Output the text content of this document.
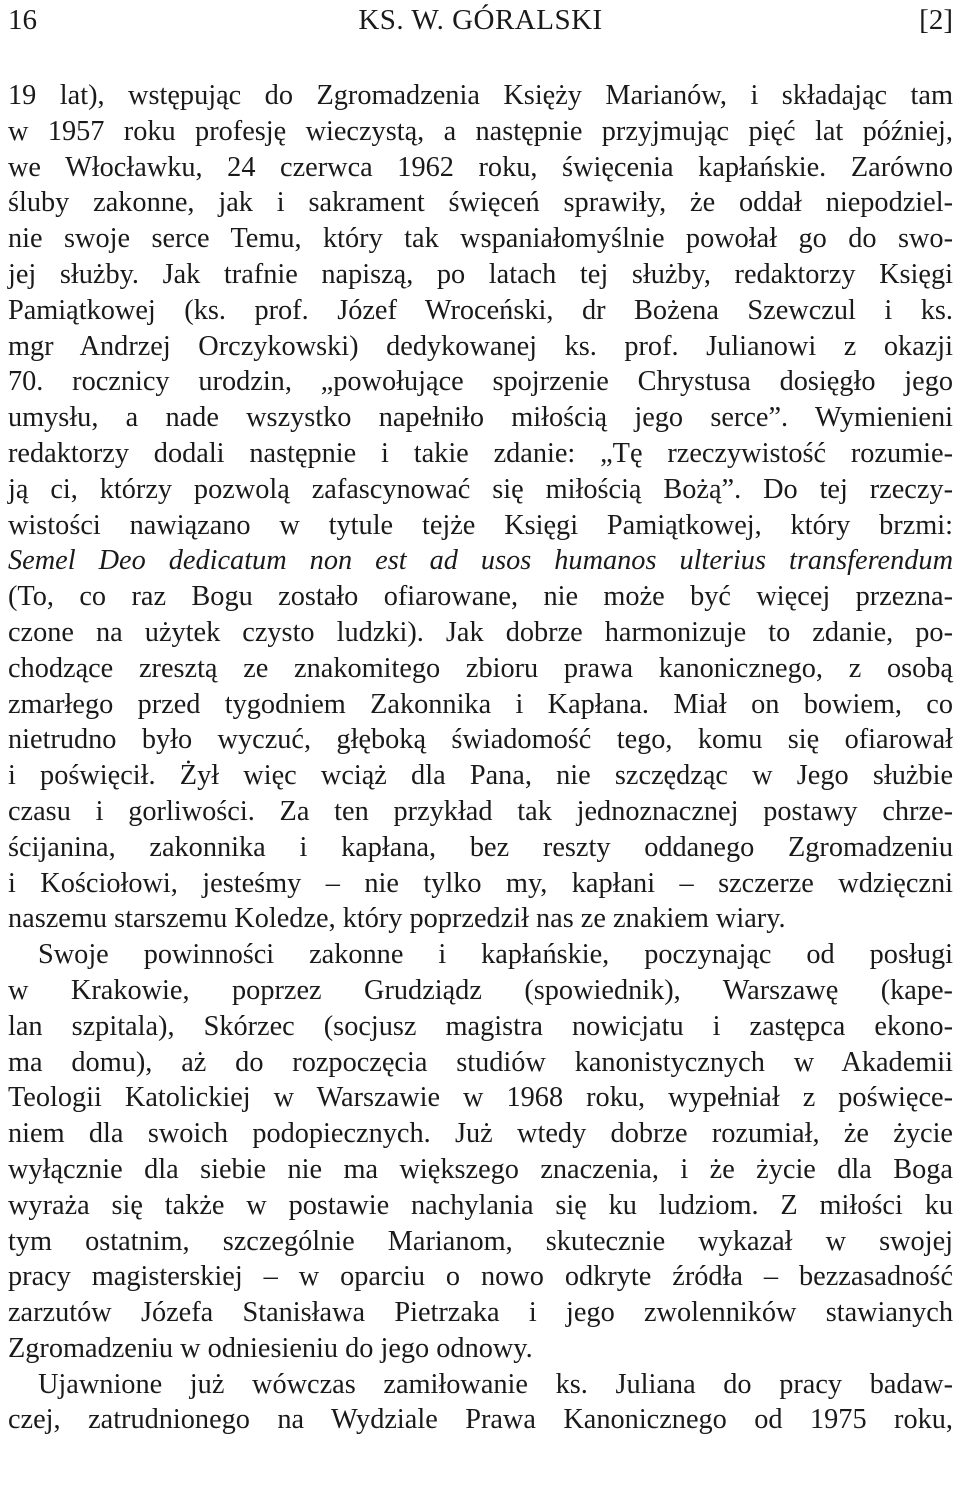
16	KS. W. GÓRALSKI	[2]
19 lat), wstępując do Zgromadzenia Księży Marianów, i składając tam
w 1957 roku profesję wieczystą, a następnie przyjmując pięć lat później,
we Włocławku, 24 czerwca 1962 roku, święcenia kapłańskie. Zarówno
śluby zakonne, jak i sakrament święceń sprawiły, że oddał niepodziel-
nie swoje serce Temu, który tak wspaniałomyślnie powołał go do swo-
jej służby. Jak trafnie napiszą, po latach tej służby, redaktorzy Księgi
Pamiątkowej (ks. prof. Józef Wroceński, dr Bożena Szewczul i ks.
mgr Andrzej Orczykowski) dedykowanej ks. prof. Julianowi z okazji
70. rocznicy urodzin, „powołujące spojrzenie Chrystusa dosięgło jego
umysłu, a nade wszystko napełniło miłością jego serce”. Wymienieni
redaktorzy dodali następnie i takie zdanie: „Tę rzeczywistość rozumie-
ją ci, którzy pozwolą zafascynować się miłością Bożą”. Do tej rzeczy-
wistości nawiązano w tytule tejże Księgi Pamiątkowej, który brzmi:
Semel Deo dedicatum non est ad usos humanos ulterius transferendum
(To, co raz Bogu zostało ofiarowane, nie może być więcej przezna-
czone na użytek czysto ludzki). Jak dobrze harmonizuje to zdanie, po-
chodzące zresztą ze znakomitego zbioru prawa kanonicznego, z osobą
zmarłego przed tygodniem Zakonnika i Kapłana. Miał on bowiem, co
nietrudno było wyczuć, głęboką świadomość tego, komu się ofiarował
i poświęcił. Żył więc wciąż dla Pana, nie szczędząc w Jego służbie
czasu i gorliwości. Za ten przykład tak jednoznacznej postawy chrze-
ścijanina, zakonnika i kapłana, bez reszty oddanego Zgromadzeniu
i Kościołowi, jesteśmy – nie tylko my, kapłani – szczerze wdzięczni
naszemu starszemu Koledze, który poprzedził nas ze znakiem wiary.
Swoje powinności zakonne i kapłańskie, poczynając od posługi
w Krakowie, poprzez Grudziądz (spowiednik), Warszawę (kape-
lan szpitala), Skórzec (socjusz magistra nowicjatu i zastępca ekono-
ma domu), aż do rozpoczęcia studiów kanonistycznych w Akademii
Teologii Katolickiej w Warszawie w 1968 roku, wypełniał z poświęce-
niem dla swoich podopiecznych. Już wtedy dobrze rozumiał, że życie
wyłącznie dla siebie nie ma większego znaczenia, i że życie dla Boga
wyraża się także w postawie nachylania się ku ludziom. Z miłości ku
tym ostatnim, szczególnie Marianom, skutecznie wykazał w swojej
pracy magisterskiej – w oparciu o nowo odkryte źródła – bezzasadność
zarzutów Józefa Stanisława Pietrzaka i jego zwolenników stawianych
Zgromadzeniu w odniesieniu do jego odnowy.
Ujawnione już wówczas zamiłowanie ks. Juliana do pracy badaw-
czej, zatrudnionego na Wydziale Prawa Kanonicznego od 1975 roku,
